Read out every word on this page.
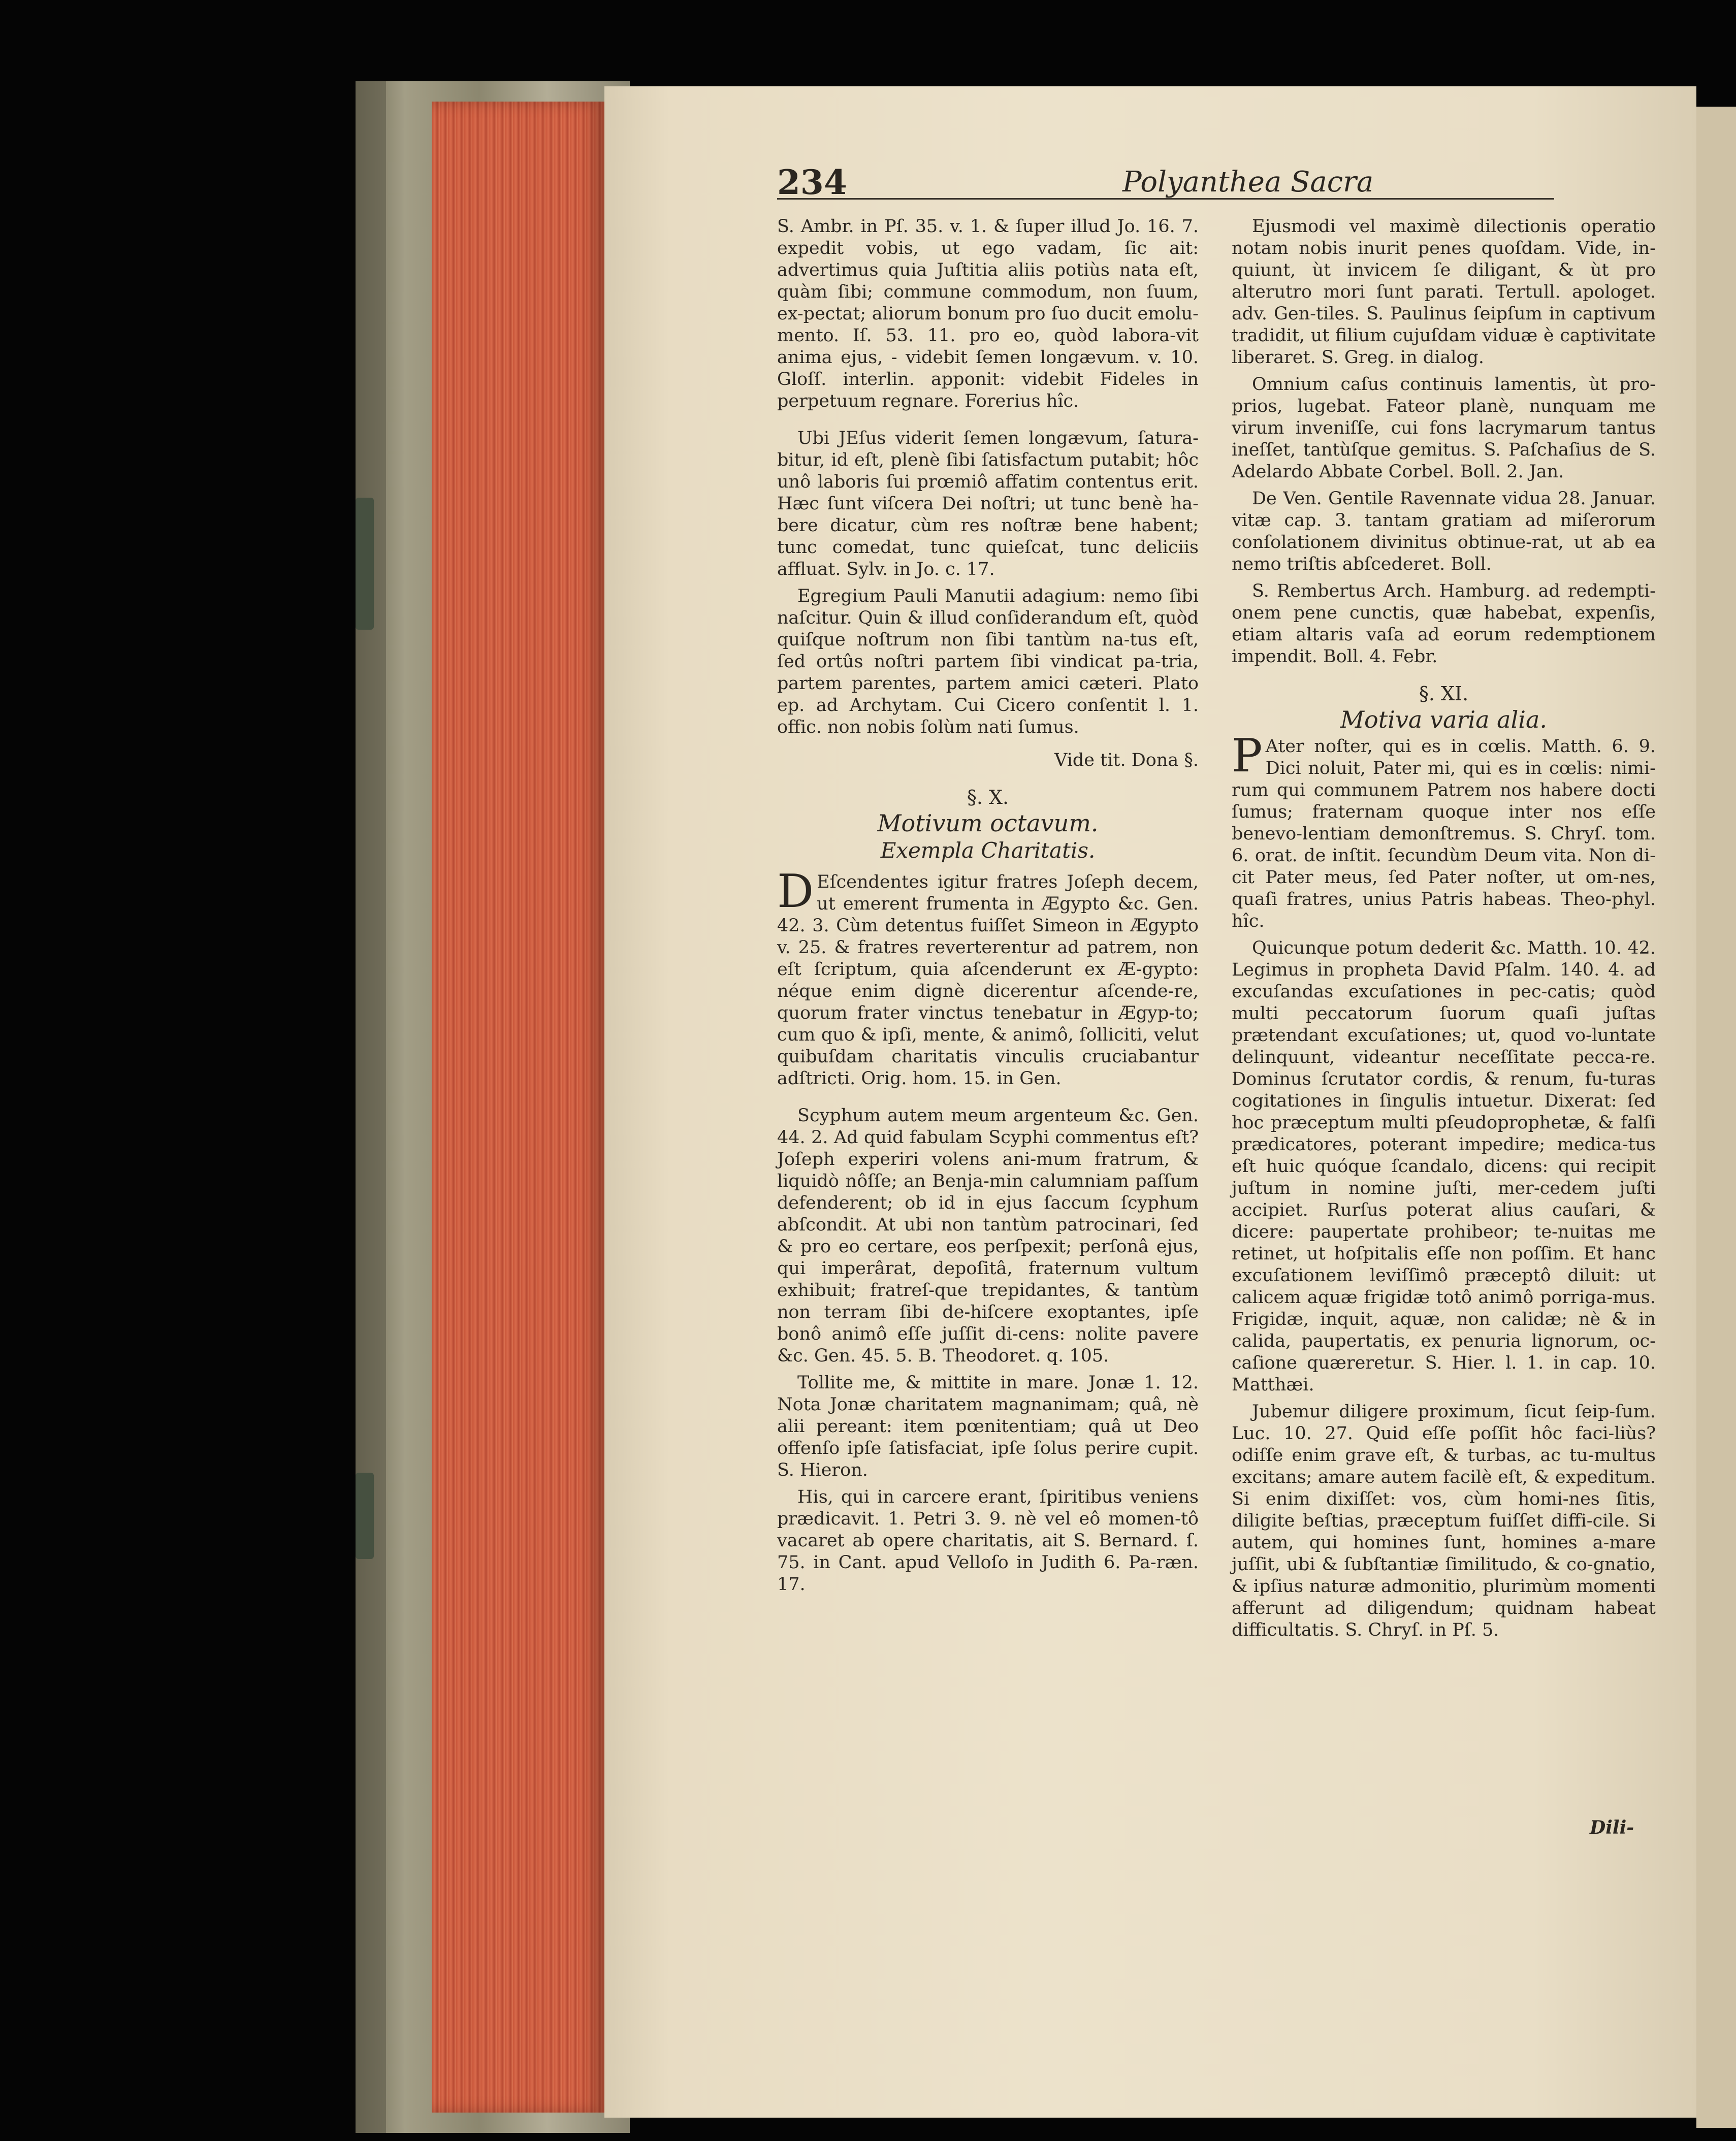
234	Polyanthea Sacra

S. Ambr. in Pſ. 35. v. 1. & ſuper illud Jo. 16. 7. expedit vobis, ut ego vadam, ſic ait: advertimus quia Juſtitia aliis potiùs nata eſt, quàm ſibi; commune commodum, non ſuum, ex-pectat; aliorum bonum pro ſuo ducit emolu-mento. Iſ. 53. 11. pro eo, quòd labora-vit anima ejus, - videbit ſemen longævum. v. 10. Gloſſ. interlin. apponit: videbit Fideles in perpetuum regnare. Forerius hîc.

Ubi JEſus viderit ſemen longævum, ſatura-bitur, id eſt, plenè ſibi ſatisfactum putabit; hôc unô laboris ſui prœmiô affatim contentus erit. Hæc ſunt viſcera Dei noſtri; ut tunc benè ha-bere dicatur, cùm res noſtræ bene habent; tunc comedat, tunc quieſcat, tunc deliciis affluat. Sylv. in Jo. c. 17.

Egregium Pauli Manutii adagium: nemo ſibi naſcitur. Quin & illud conſiderandum eſt, quòd quiſque noſtrum non ſibi tantùm na-tus eſt, ſed ortûs noſtri partem ſibi vindicat pa-tria, partem parentes, partem amici cæteri. Plato ep. ad Archytam. Cui Cicero conſentit l. 1. offic. non nobis ſolùm nati ſumus.

Vide tit. Dona §.

§. X.
Motivum octavum.
Exempla Charitatis.

DEſcendentes igitur fratres Joſeph decem, ut emerent frumenta in Ægypto &c. Gen. 42. 3. Cùm detentus fuiſſet Simeon in Ægypto v. 25. & fratres reverterentur ad patrem, non eſt ſcriptum, quia aſcenderunt ex Æ-gypto: néque enim dignè dicerentur aſcende-re, quorum frater vinctus tenebatur in Ægyp-to; cum quo & ipſi, mente, & animô, ſolliciti, velut quibuſdam charitatis vinculis cruciabantur adſtricti. Orig. hom. 15. in Gen.

Scyphum autem meum argenteum &c. Gen. 44. 2. Ad quid fabulam Scyphi commentus eſt? Joſeph experiri volens ani-mum fratrum, & liquidò nôſſe; an Benja-min calumniam paſſum defenderent; ob id in ejus ſaccum ſcyphum abſcondit. At ubi non tantùm patrocinari, ſed & pro eo certare, eos perſpexit; perſonâ ejus, qui imperârat, depoſitâ, fraternum vultum exhibuit; fratreſ-que trepidantes, & tantùm non terram ſibi de-hiſcere exoptantes, ipſe bonô animô eſſe juſſit di-cens: nolite pavere &c. Gen. 45. 5. B. Theodoret. q. 105.

Tollite me, & mittite in mare. Jonæ 1. 12. Nota Jonæ charitatem magnanimam; quâ, nè alii pereant: item pœnitentiam; quâ ut Deo offenſo ipſe ſatisfaciat, ipſe ſolus perire cupit. S. Hieron.

His, qui in carcere erant, ſpiritibus veniens prædicavit. 1. Petri 3. 9. nè vel eô momen-tô vacaret ab opere charitatis, ait S. Bernard. ſ. 75. in Cant. apud Velloſo in Judith 6. Pa-ræn. 17.

Ejusmodi vel maximè dilectionis operatio notam nobis inurit penes quoſdam. Vide, in-quiunt, ùt invicem ſe diligant, & ùt pro alterutro mori ſunt parati. Tertull. apologet. adv. Gen-tiles. S. Paulinus ſeipſum in captivum tradidit, ut filium cujuſdam viduæ è captivitate liberaret. S. Greg. in dialog.

Omnium caſus continuis lamentis, ùt pro-prios, lugebat. Fateor planè, nunquam me virum inveniſſe, cui fons lacrymarum tantus ineſſet, tantùſque gemitus. S. Paſchaſius de S. Adelardo Abbate Corbel. Boll. 2. Jan.

De Ven. Gentile Ravennate vidua 28. Januar. vitæ cap. 3. tantam gratiam ad miſerorum conſolationem divinitus obtinue-rat, ut ab ea nemo triſtis abſcederet. Boll.

S. Rembertus Arch. Hamburg. ad redempti-onem pene cunctis, quæ habebat, expenſis, etiam altaris vaſa ad eorum redemptionem impendit. Boll. 4. Febr.

§. XI.
Motiva varia alia.

PAter noſter, qui es in cœlis. Matth. 6. 9. Dici noluit, Pater mi, qui es in cœlis: nimi-rum qui communem Patrem nos habere docti ſumus; fraternam quoque inter nos eſſe benevo-lentiam demonſtremus. S. Chryſ. tom. 6. orat. de inſtit. ſecundùm Deum vita. Non di-cit Pater meus, ſed Pater noſter, ut om-nes, quaſi fratres, unius Patris habeas. Theo-phyl. hîc.

Quicunque potum dederit &c. Matth. 10. 42. Legimus in propheta David Pſalm. 140. 4. ad excuſandas excuſationes in pec-catis; quòd multi peccatorum ſuorum quaſi juſtas prætendant excuſationes; ut, quod vo-luntate delinquunt, videantur neceſſitate pecca-re. Dominus ſcrutator cordis, & renum, fu-turas cogitationes in ſingulis intuetur. Dixerat: ſed hoc præceptum multi pſeudoprophetæ, & falſi prædicatores, poterant impedire; medica-tus eſt huic quóque ſcandalo, dicens: qui recipit juſtum in nomine juſti, mer-cedem juſti accipiet. Rurſus poterat alius cauſari, & dicere: paupertate prohibeor; te-nuitas me retinet, ut hoſpitalis eſſe non poſſim. Et hanc excuſationem leviſſimô præceptô diluit: ut calicem aquæ frigidæ totô animô porriga-mus. Frigidæ, inquit, aquæ, non calidæ; nè & in calida, paupertatis, ex penuria lignorum, oc-caſione quæreretur. S. Hier. l. 1. in cap. 10. Matthæi.

Jubemur diligere proximum, ſicut ſeip-ſum. Luc. 10. 27. Quid eſſe poſſit hôc faci-liùs? odiſſe enim grave eſt, & turbas, ac tu-multus excitans; amare autem facilè eſt, & expeditum. Si enim dixiſſet: vos, cùm homi-nes ſitis, diligite beſtias, præceptum fuiſſet diffi-cile. Si autem, qui homines ſunt, homines a-mare juſſit, ubi & ſubſtantiæ ſimilitudo, & co-gnatio, & ipſius naturæ admonitio, plurimùm momenti afferunt ad diligendum; quidnam habeat difficultatis. S. Chryſ. in Pſ. 5.

Dili-
